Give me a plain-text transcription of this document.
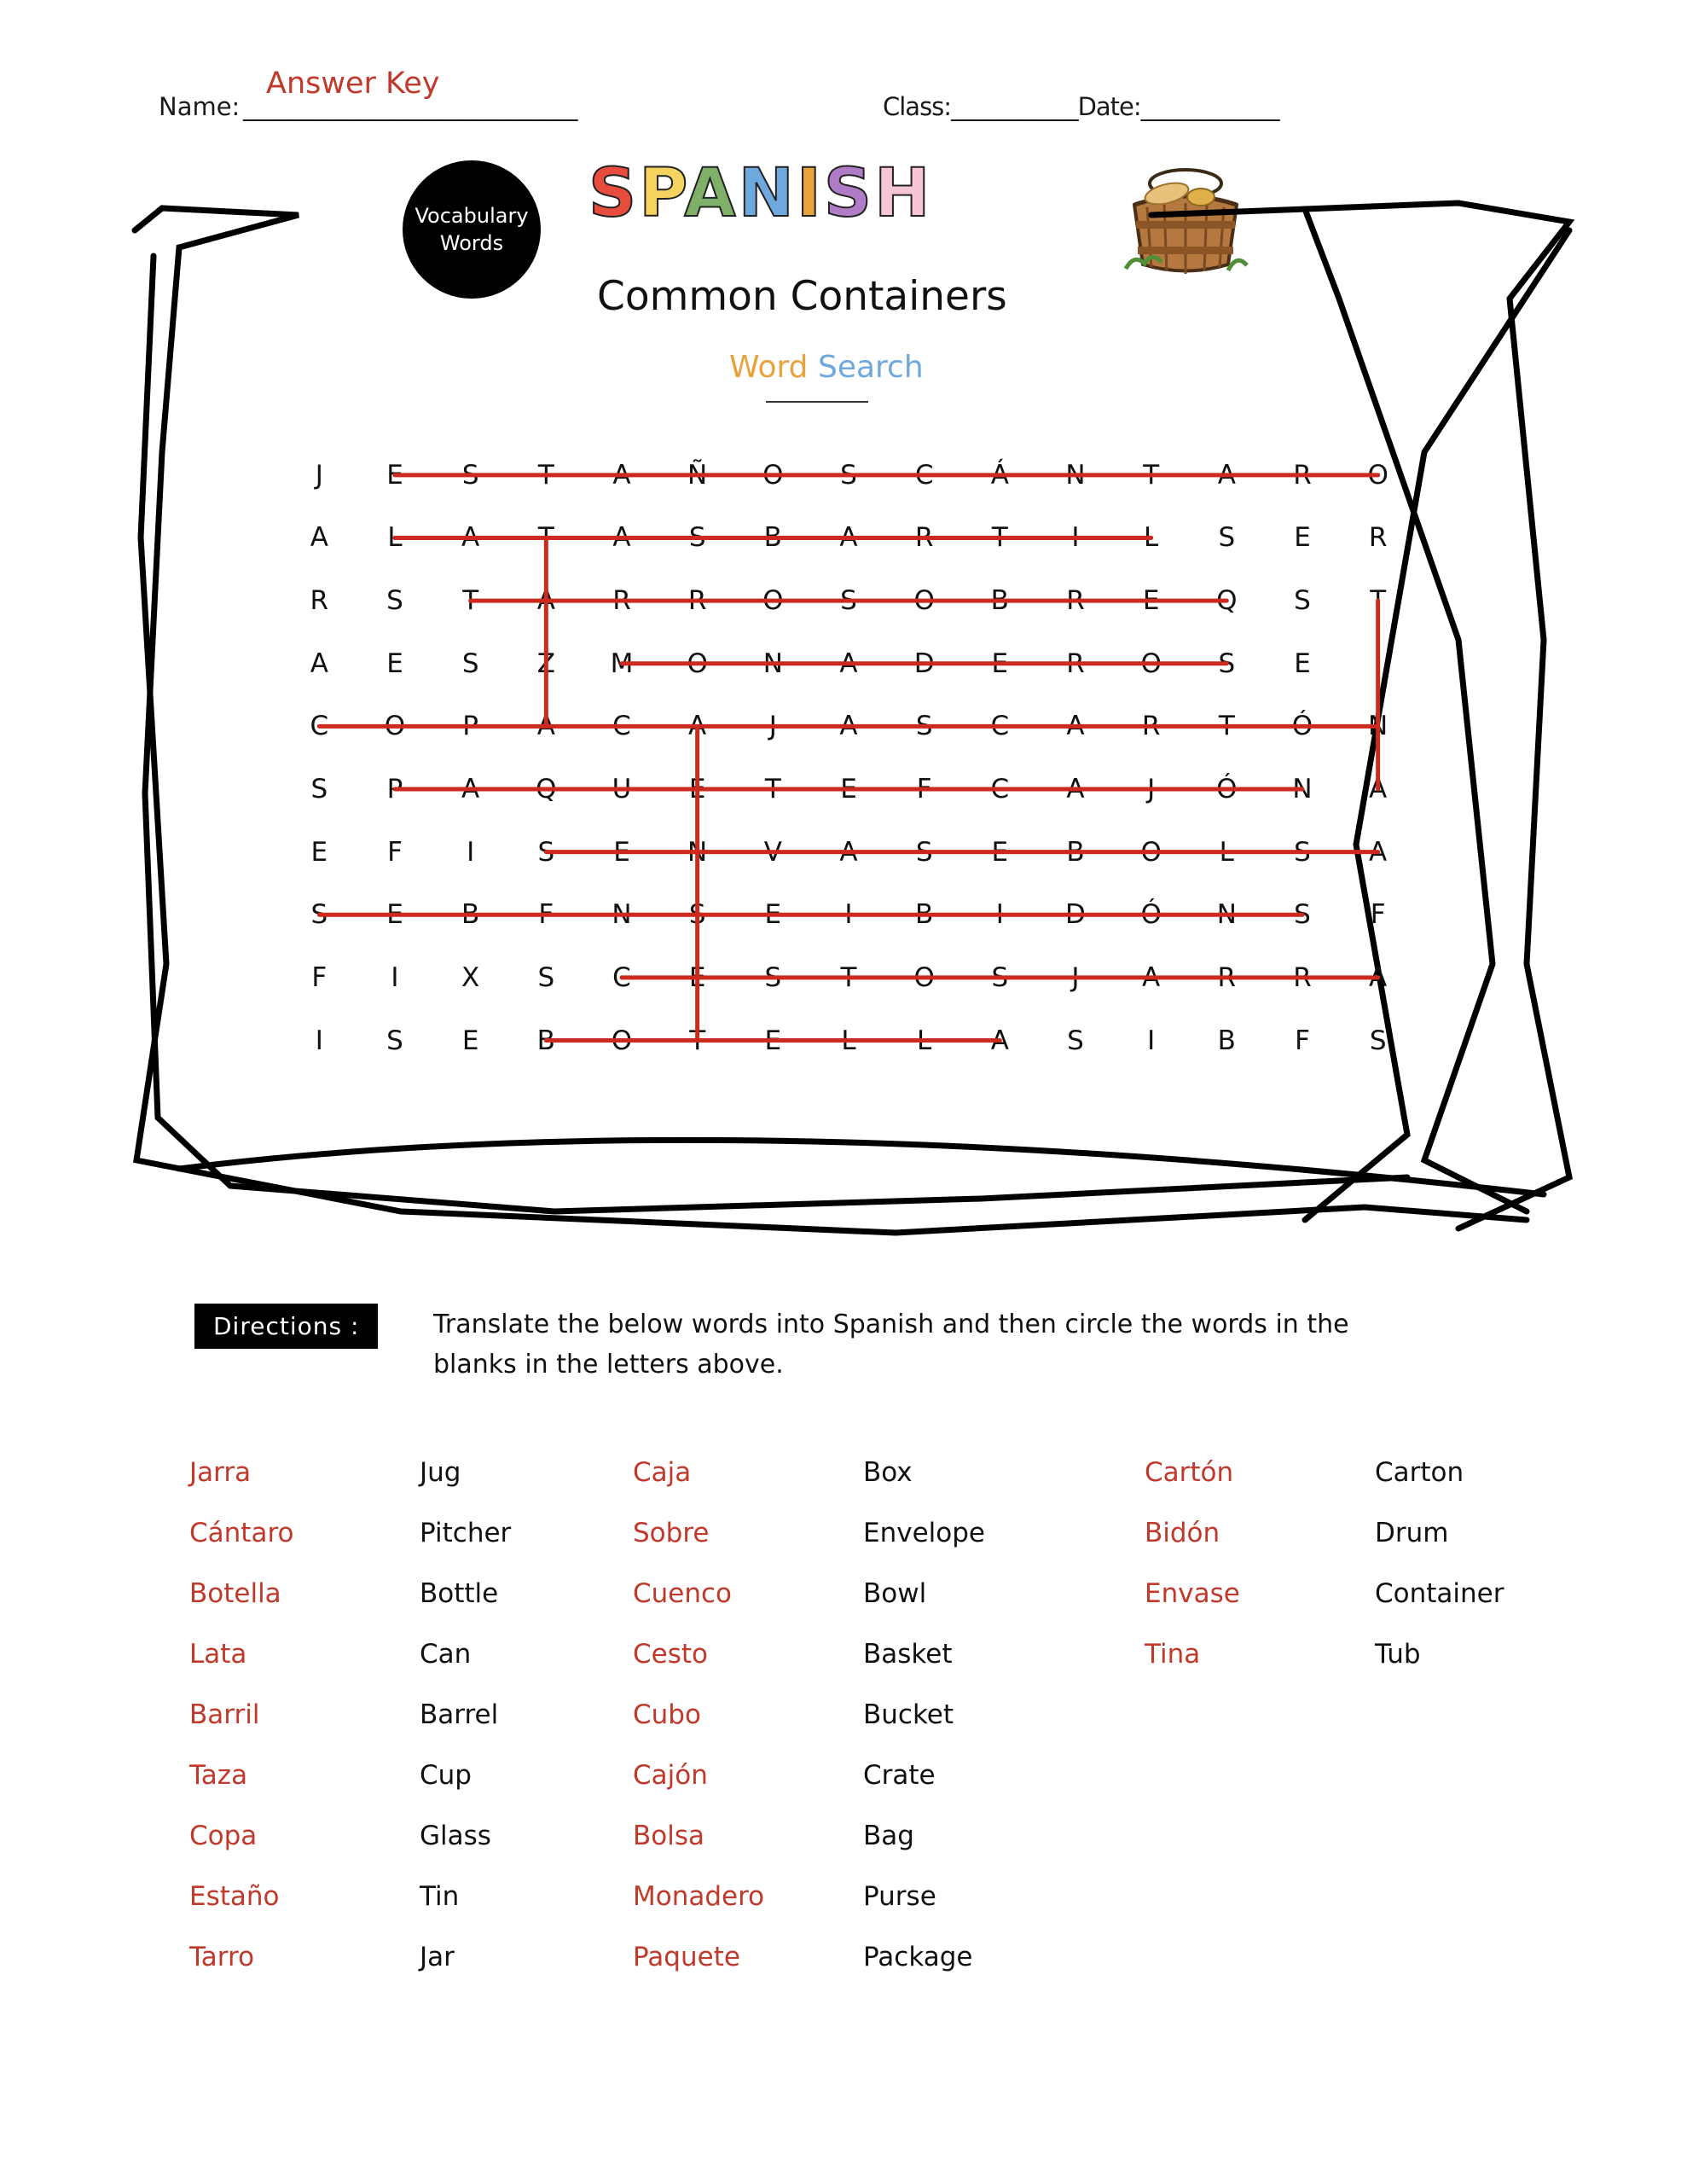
Answer Key
Name: _____________________________	Class:___________Date:____________
Vocabulary
Words
SPANISH
Common Containers
Word Search
J	E	S	T	A	Ñ	O	S	C	Á	N	T	A	R	O
A	L	A	T	A	S	B	A	R	T	I	L	S	E	R
R	S	T	A	R	R	O	S	O	B	R	E	Q	S	T
A	E	S	Z	M	O	N	A	D	E	R	O	S	E	I
C	O	P	A	C	A	J	A	S	C	A	R	T	Ó	N
S	P	A	Q	U	E	T	E	F	C	A	J	Ó	N	A
E	F	I	S	E	N	V	A	S	E	B	O	L	S	A
S	E	B	F	N	S	E	I	B	I	D	Ó	N	S	F
F	I	X	S	C	E	S	T	O	S	J	A	R	R	A
I	S	E	B	O	T	E	L	L	A	S	I	B	F	S
Directions :	Translate the below words into Spanish and then circle the words in the blanks in the letters above.
Jarra	Jug	Caja	Box	Cartón	Carton
Cántaro	Pitcher	Sobre	Envelope	Bidón	Drum
Botella	Bottle	Cuenco	Bowl	Envase	Container
Lata	Can	Cesto	Basket	Tina	Tub
Barril	Barrel	Cubo	Bucket
Taza	Cup	Cajón	Crate
Copa	Glass	Bolsa	Bag
Estaño	Tin	Monadero	Purse
Tarro	Jar	Paquete	Package
